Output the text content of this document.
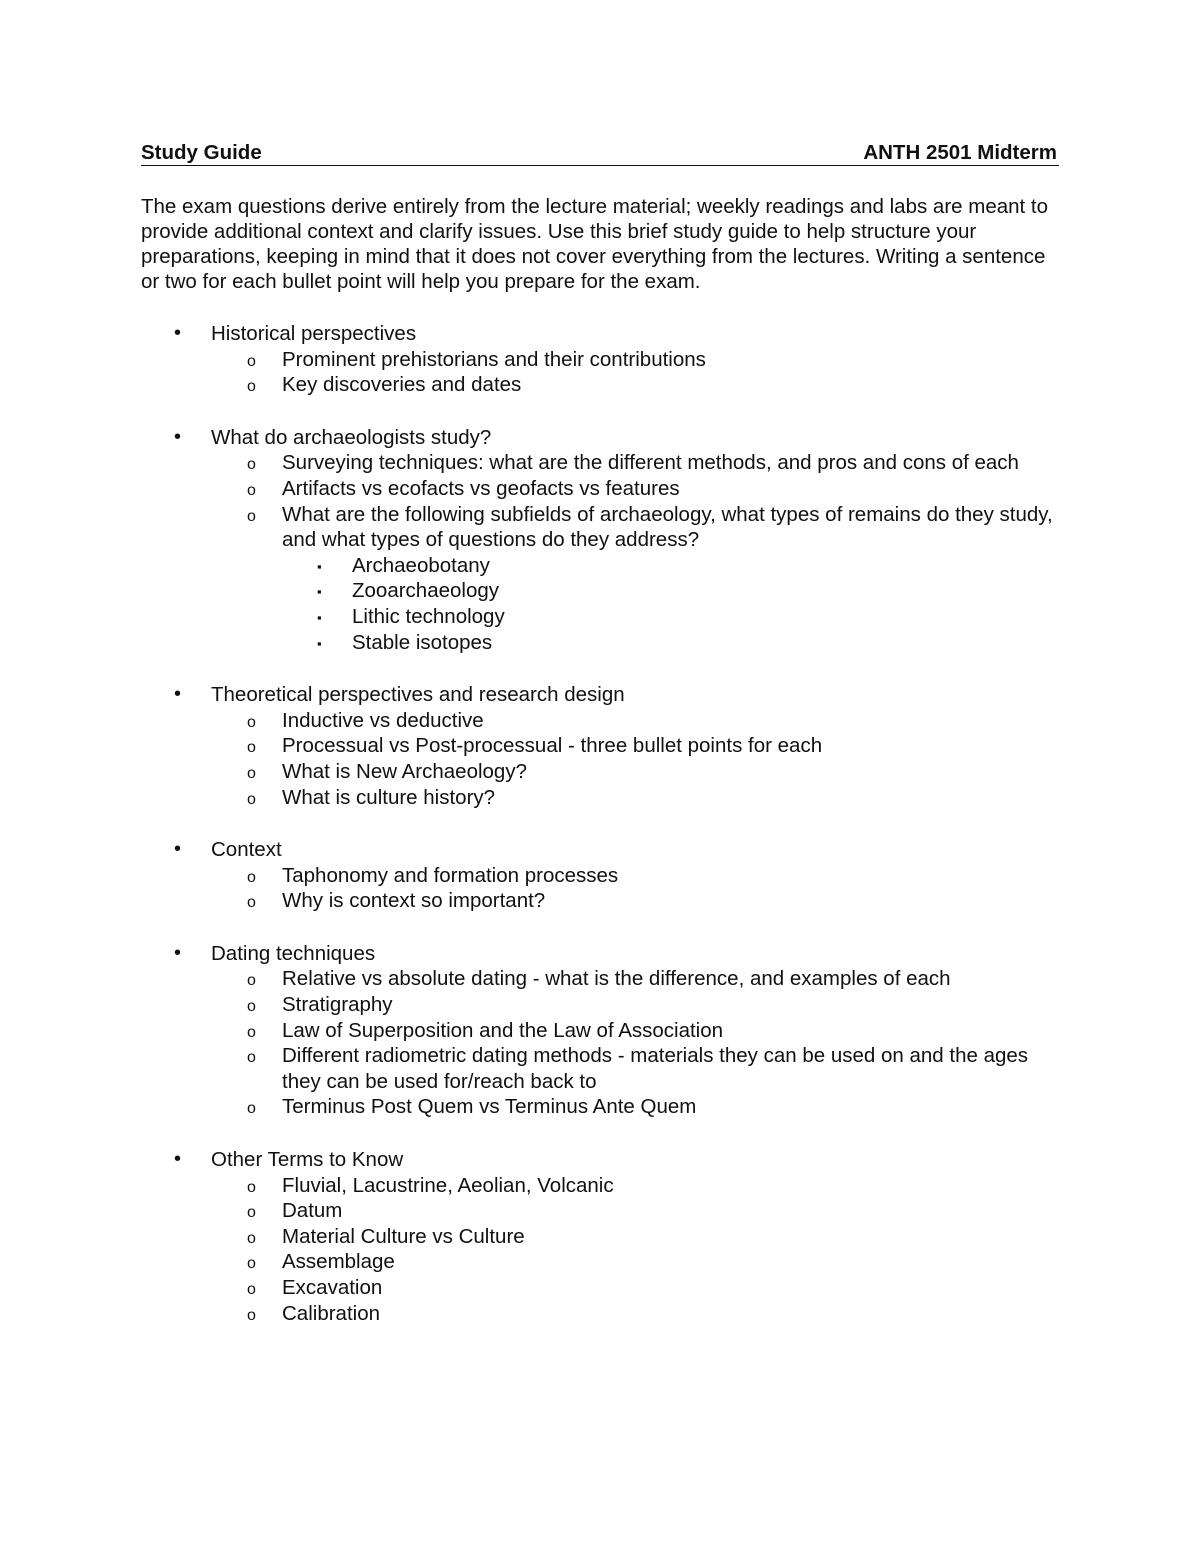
Study Guide	ANTH 2501 Midterm
The exam questions derive entirely from the lecture material; weekly readings and labs are meant to provide additional context and clarify issues. Use this brief study guide to help structure your preparations, keeping in mind that it does not cover everything from the lectures. Writing a sentence or two for each bullet point will help you prepare for the exam.
• Historical perspectives
o Prominent prehistorians and their contributions
o Key discoveries and dates
• What do archaeologists study?
o Surveying techniques: what are the different methods, and pros and cons of each
o Artifacts vs ecofacts vs geofacts vs features
o What are the following subfields of archaeology, what types of remains do they study, and what types of questions do they address?
▪ Archaeobotany
▪ Zooarchaeology
▪ Lithic technology
▪ Stable isotopes
• Theoretical perspectives and research design
o Inductive vs deductive
o Processual vs Post-processual - three bullet points for each
o What is New Archaeology?
o What is culture history?
• Context
o Taphonomy and formation processes
o Why is context so important?
• Dating techniques
o Relative vs absolute dating - what is the difference, and examples of each
o Stratigraphy
o Law of Superposition and the Law of Association
o Different radiometric dating methods - materials they can be used on and the ages they can be used for/reach back to
o Terminus Post Quem vs Terminus Ante Quem
• Other Terms to Know
o Fluvial, Lacustrine, Aeolian, Volcanic
o Datum
o Material Culture vs Culture
o Assemblage
o Excavation
o Calibration
